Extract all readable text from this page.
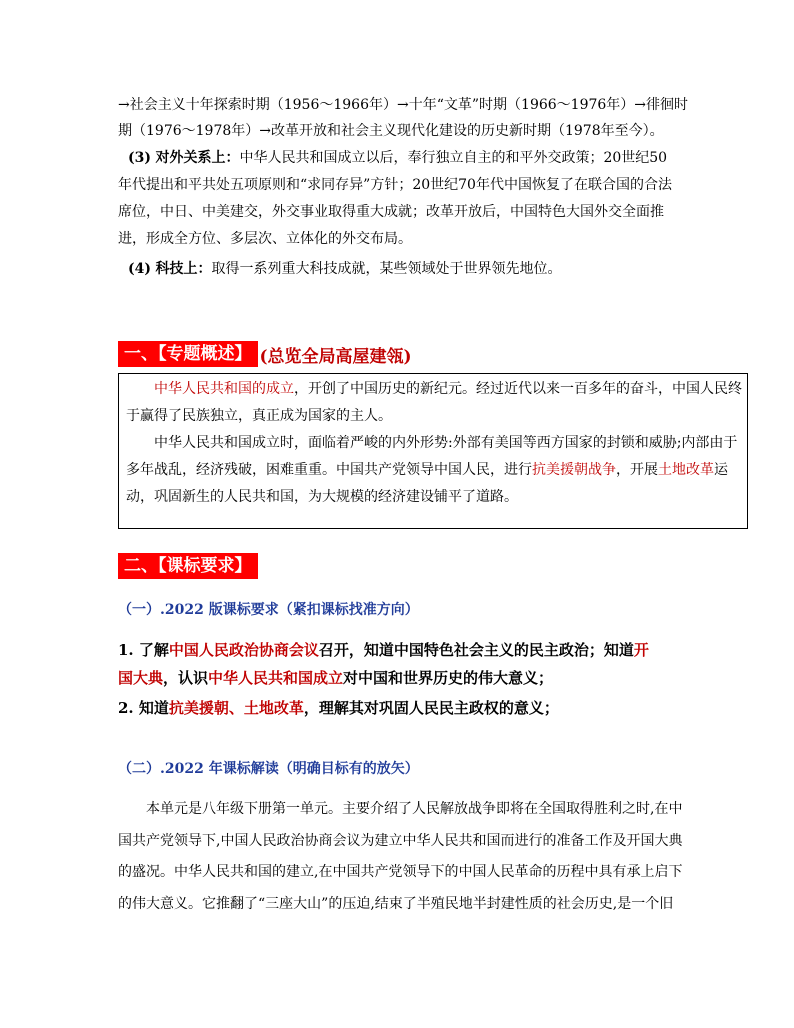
→社会主义十年探索时期（1956～1966年）→十年“文革”时期（1966～1976年）→徘徊时
期（1976～1978年）→改革开放和社会主义现代化建设的历史新时期（1978年至今）。
(3) 对外关系上：中华人民共和国成立以后，奉行独立自主的和平外交政策；20世纪50
年代提出和平共处五项原则和“求同存异”方针；20世纪70年代中国恢复了在联合国的合法
席位，中日、中美建交，外交事业取得重大成就；改革开放后，中国特色大国外交全面推
进，形成全方位、多层次、立体化的外交布局。
(4) 科技上：取得一系列重大科技成就，某些领域处于世界领先地位。
一、【专题概述】 (总览全局高屋建瓴)
中华人民共和国的成立，开创了中国历史的新纪元。经过近代以来一百多年的奋斗，中国人民终
于赢得了民族独立，真正成为国家的主人。
中华人民共和国成立时，面临着严峻的内外形势:外部有美国等西方国家的封锁和威胁;内部由于
多年战乱，经济残破，困难重重。中国共产党领导中国人民，进行抗美援朝战争，开展土地改革运
动，巩固新生的人民共和国，为大规模的经济建设铺平了道路。
二、【课标要求】
（一）.2022 版课标要求（紧扣课标找准方向）
1. 了解中国人民政治协商会议召开，知道中国特色社会主义的民主政治；知道开
国大典，认识中华人民共和国成立对中国和世界历史的伟大意义；
2. 知道抗美援朝、土地改革，理解其对巩固人民民主政权的意义；
（二）.2022 年课标解读（明确目标有的放矢）
本单元是八年级下册第一单元。主要介绍了人民解放战争即将在全国取得胜利之时,在中
国共产党领导下,中国人民政治协商会议为建立中华人民共和国而进行的准备工作及开国大典
的盛况。中华人民共和国的建立,在中国共产党领导下的中国人民革命的历程中具有承上启下
的伟大意义。它推翻了“三座大山”的压迫,结束了半殖民地半封建性质的社会历史,是一个旧
